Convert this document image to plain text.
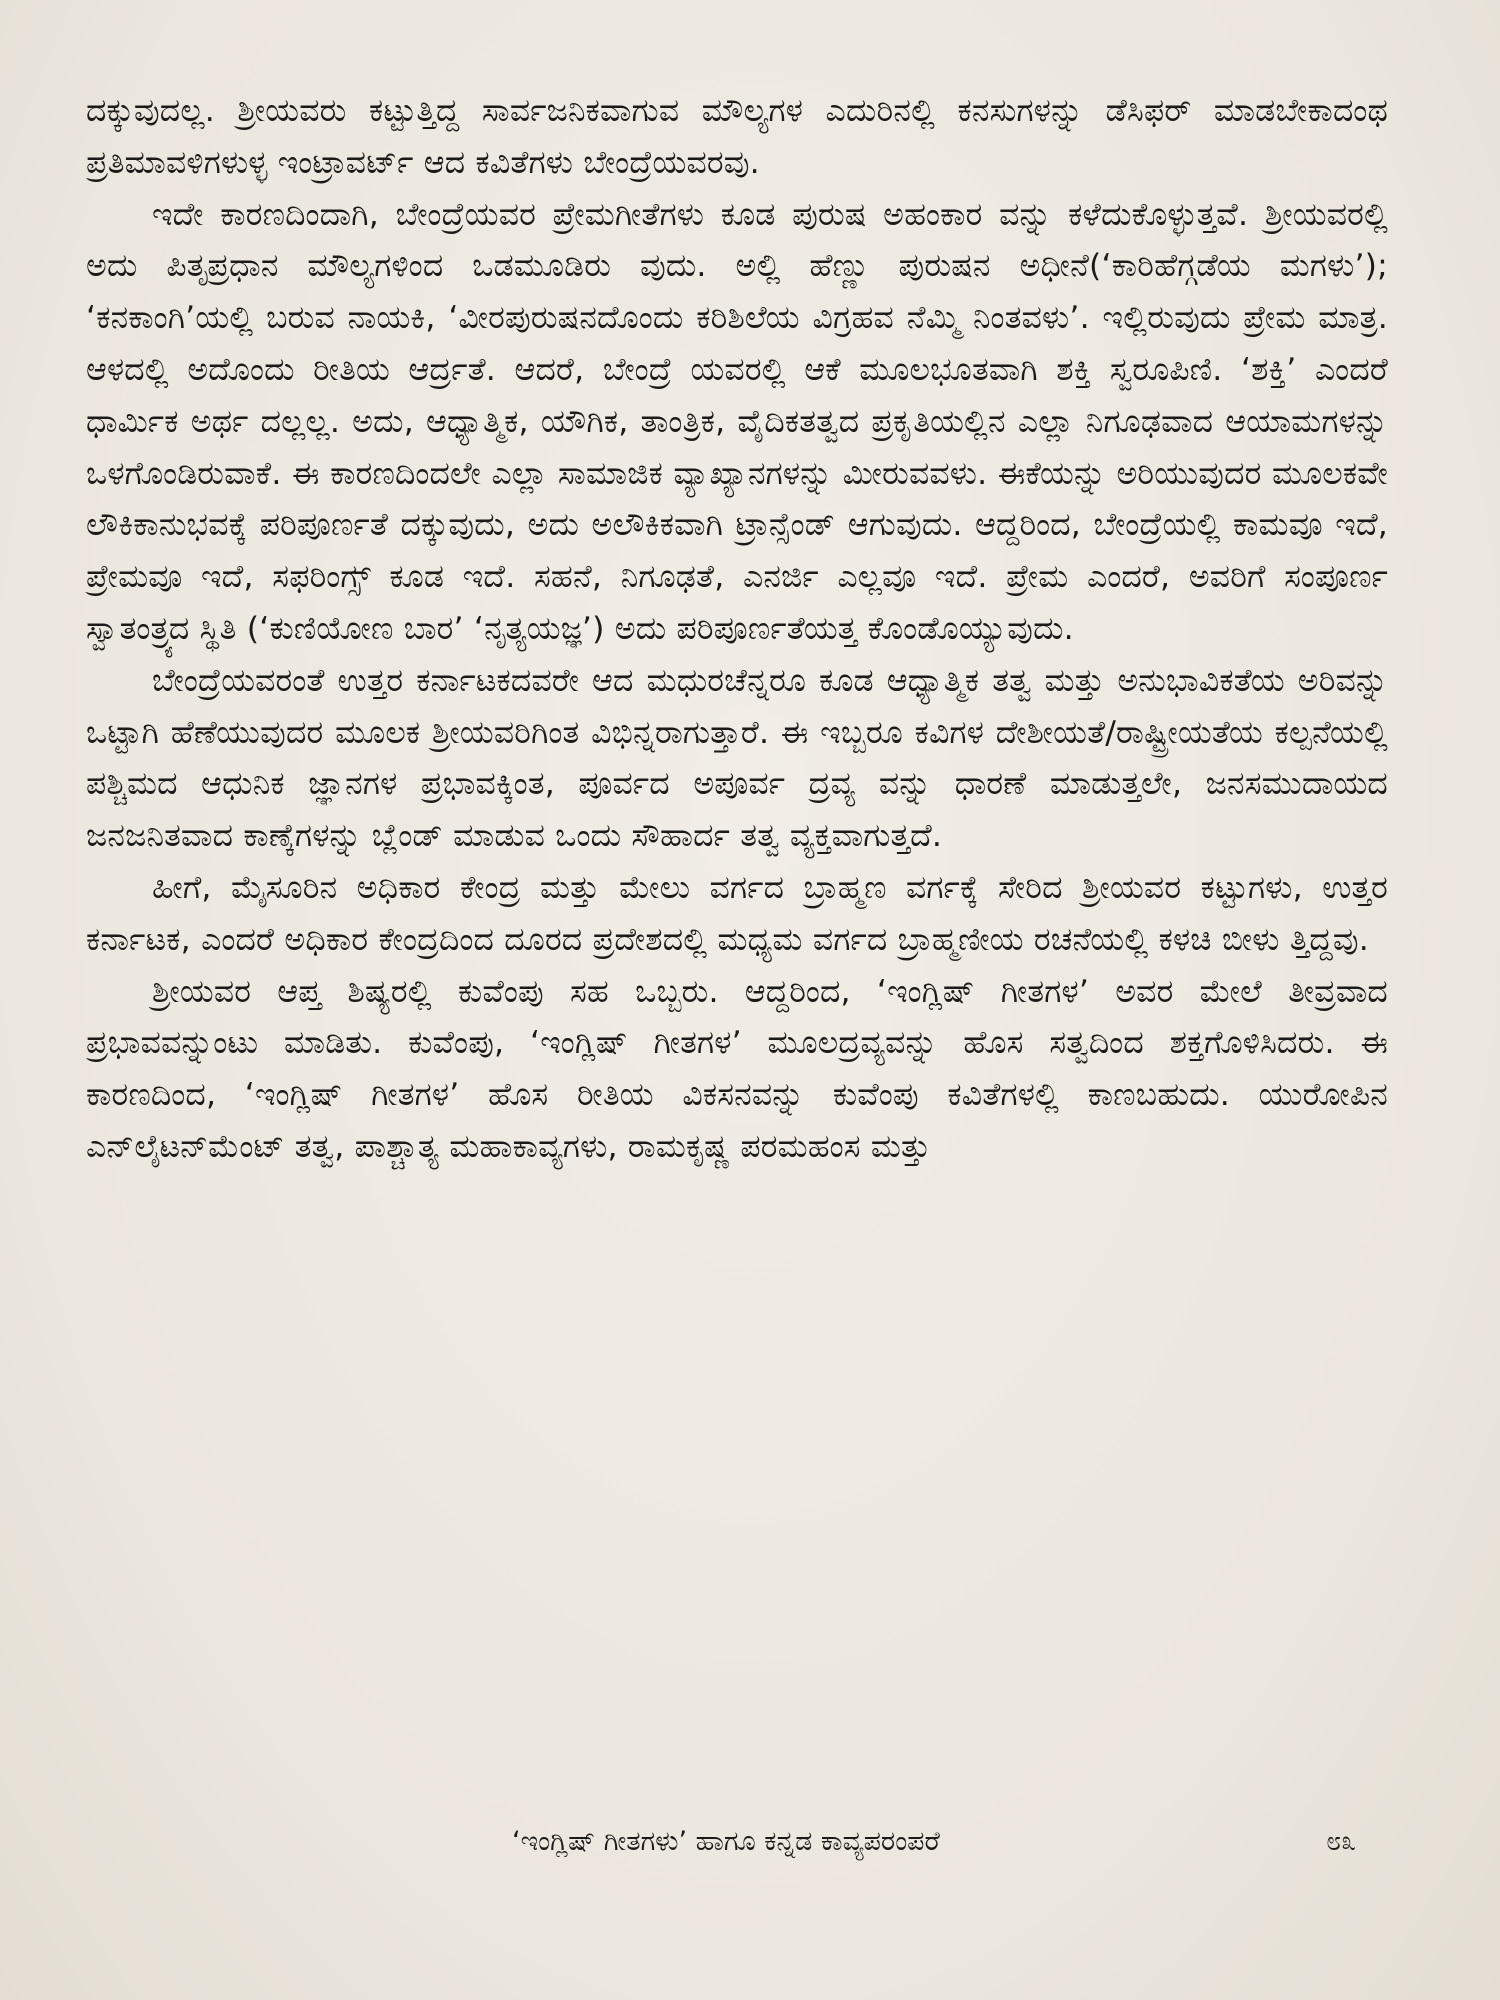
ದಕ್ಕುವುದಲ್ಲ. ಶ್ರೀಯವರು ಕಟ್ಟುತ್ತಿದ್ದ ಸಾರ್ವಜನಿಕವಾಗುವ ಮೌಲ್ಯಗಳ ಎದುರಿನಲ್ಲಿ ಕನಸುಗಳನ್ನು ಡೆಸಿಫರ್ ಮಾಡಬೇಕಾದಂಥ ಪ್ರತಿಮಾವಳಿಗಳುಳ್ಳ ಇಂಟ್ರಾವರ್ಟ್ ಆದ ಕವಿತೆಗಳು ಬೇಂದ್ರೆಯವರವು.

ಇದೇ ಕಾರಣದಿಂದಾಗಿ, ಬೇಂದ್ರೆಯವರ ಪ್ರೇಮಗೀತೆಗಳು ಕೂಡ ಪುರುಷ ಅಹಂಕಾರ ವನ್ನು ಕಳೆದುಕೊಳ್ಳುತ್ತವೆ. ಶ್ರೀಯವರಲ್ಲಿ ಅದು ಪಿತೃಪ್ರಧಾನ ಮೌಲ್ಯಗಳಿಂದ ಒಡಮೂಡಿರು ವುದು. ಅಲ್ಲಿ ಹೆಣ್ಣು ಪುರುಷನ ಅಧೀನೆ(‘ಕಾರಿಹೆಗ್ಗಡೆಯ ಮಗಳು’); ‘ಕನಕಾಂಗಿ’ಯಲ್ಲಿ ಬರುವ ನಾಯಕಿ, ‘ವೀರಪುರುಷನದೊಂದು ಕರಿಶಿಲೆಯ ವಿಗ್ರಹವ ನೆಮ್ಮಿ ನಿಂತವಳು’. ಇಲ್ಲಿರುವುದು ಪ್ರೇಮ ಮಾತ್ರ. ಆಳದಲ್ಲಿ ಅದೊಂದು ರೀತಿಯ ಆರ್ದ್ರತೆ. ಆದರೆ, ಬೇಂದ್ರೆ ಯವರಲ್ಲಿ ಆಕೆ ಮೂಲಭೂತವಾಗಿ ಶಕ್ತಿ ಸ್ವರೂಪಿಣಿ. ‘ಶಕ್ತಿ’ ಎಂದರೆ ಧಾರ್ಮಿಕ ಅರ್ಥ ದಲ್ಲಲ್ಲ. ಅದು, ಆಧ್ಯಾತ್ಮಿಕ, ಯೌಗಿಕ, ತಾಂತ್ರಿಕ, ವೈದಿಕತತ್ವದ ಪ್ರಕೃತಿಯಲ್ಲಿನ ಎಲ್ಲಾ ನಿಗೂಢವಾದ ಆಯಾಮಗಳನ್ನು ಒಳಗೊಂಡಿರುವಾಕೆ. ಈ ಕಾರಣದಿಂದಲೇ ಎಲ್ಲಾ ಸಾಮಾಜಿಕ ವ್ಯಾಖ್ಯಾನಗಳನ್ನು ಮೀರುವವಳು. ಈಕೆಯನ್ನು ಅರಿಯುವುದರ ಮೂಲಕವೇ ಲೌಕಿಕಾನುಭವಕ್ಕೆ ಪರಿಪೂರ್ಣತೆ ದಕ್ಕುವುದು, ಅದು ಅಲೌಕಿಕವಾಗಿ ಟ್ರಾನ್ಸೆಂಡ್ ಆಗುವುದು. ಆದ್ದರಿಂದ, ಬೇಂದ್ರೆಯಲ್ಲಿ ಕಾಮವೂ ಇದೆ, ಪ್ರೇಮವೂ ಇದೆ, ಸಫರಿಂಗ್ಸ್ ಕೂಡ ಇದೆ. ಸಹನೆ, ನಿಗೂಢತೆ, ಎನರ್ಜಿ ಎಲ್ಲವೂ ಇದೆ. ಪ್ರೇಮ ಎಂದರೆ, ಅವರಿಗೆ ಸಂಪೂರ್ಣ ಸ್ವಾತಂತ್ರ್ಯದ ಸ್ಥಿತಿ (‘ಕುಣಿಯೋಣ ಬಾರ’ ‘ನೃತ್ಯಯಜ್ಞ’) ಅದು ಪರಿಪೂರ್ಣತೆಯತ್ತ ಕೊಂಡೊಯ್ಯುವುದು.

ಬೇಂದ್ರೆಯವರಂತೆ ಉತ್ತರ ಕರ್ನಾಟಕದವರೇ ಆದ ಮಧುರಚೆನ್ನರೂ ಕೂಡ ಆಧ್ಯಾತ್ಮಿಕ ತತ್ವ ಮತ್ತು ಅನುಭಾವಿಕತೆಯ ಅರಿವನ್ನು ಒಟ್ಟಾಗಿ ಹೆಣೆಯುವುದರ ಮೂಲಕ ಶ್ರೀಯವರಿಗಿಂತ ವಿಭಿನ್ನರಾಗುತ್ತಾರೆ. ಈ ಇಬ್ಬರೂ ಕವಿಗಳ ದೇಶೀಯತೆ/ರಾಷ್ಟ್ರೀಯತೆಯ ಕಲ್ಪನೆಯಲ್ಲಿ ಪಶ್ಚಿಮದ ಆಧುನಿಕ ಜ್ಞಾನಗಳ ಪ್ರಭಾವಕ್ಕಿಂತ, ಪೂರ್ವದ ಅಪೂರ್ವ ದ್ರವ್ಯ ವನ್ನು ಧಾರಣೆ ಮಾಡುತ್ತಲೇ, ಜನಸಮುದಾಯದ ಜನಜನಿತವಾದ ಕಾಣ್ಕೆಗಳನ್ನು ಬ್ಲೆಂಡ್ ಮಾಡುವ ಒಂದು ಸೌಹಾರ್ದ ತತ್ವ ವ್ಯಕ್ತವಾಗುತ್ತದೆ.

ಹೀಗೆ, ಮೈಸೂರಿನ ಅಧಿಕಾರ ಕೇಂದ್ರ ಮತ್ತು ಮೇಲು ವರ್ಗದ ಬ್ರಾಹ್ಮಣ ವರ್ಗಕ್ಕೆ ಸೇರಿದ ಶ್ರೀಯವರ ಕಟ್ಟುಗಳು, ಉತ್ತರ ಕರ್ನಾಟಕ, ಎಂದರೆ ಅಧಿಕಾರ ಕೇಂದ್ರದಿಂದ ದೂರದ ಪ್ರದೇಶದಲ್ಲಿ ಮಧ್ಯಮ ವರ್ಗದ ಬ್ರಾಹ್ಮಣೀಯ ರಚನೆಯಲ್ಲಿ ಕಳಚಿ ಬೀಳು ತ್ತಿದ್ದವು.

ಶ್ರೀಯವರ ಆಪ್ತ ಶಿಷ್ಯರಲ್ಲಿ ಕುವೆಂಪು ಸಹ ಒಬ್ಬರು. ಆದ್ದರಿಂದ, ‘ಇಂಗ್ಲಿಷ್ ಗೀತಗಳ’ ಅವರ ಮೇಲೆ ತೀವ್ರವಾದ ಪ್ರಭಾವವನ್ನುಂಟು ಮಾಡಿತು. ಕುವೆಂಪು, ‘ಇಂಗ್ಲಿಷ್ ಗೀತಗಳ’ ಮೂಲದ್ರವ್ಯವನ್ನು ಹೊಸ ಸತ್ವದಿಂದ ಶಕ್ತಗೊಳಿಸಿದರು. ಈ ಕಾರಣದಿಂದ, ‘ಇಂಗ್ಲಿಷ್ ಗೀತಗಳ’ ಹೊಸ ರೀತಿಯ ವಿಕಸನವನ್ನು ಕುವೆಂಪು ಕವಿತೆಗಳಲ್ಲಿ ಕಾಣಬಹುದು. ಯುರೋಪಿನ ಎನ್‌ಲೈಟನ್‌ಮೆಂಟ್ ತತ್ವ, ಪಾಶ್ಚಾತ್ಯ ಮಹಾಕಾವ್ಯಗಳು, ರಾಮಕೃಷ್ಣ ಪರಮಹಂಸ ಮತ್ತು

‘ಇಂಗ್ಲಿಷ್ ಗೀತಗಳು’ ಹಾಗೂ ಕನ್ನಡ ಕಾವ್ಯಪರಂಪರೆ	೮೩
